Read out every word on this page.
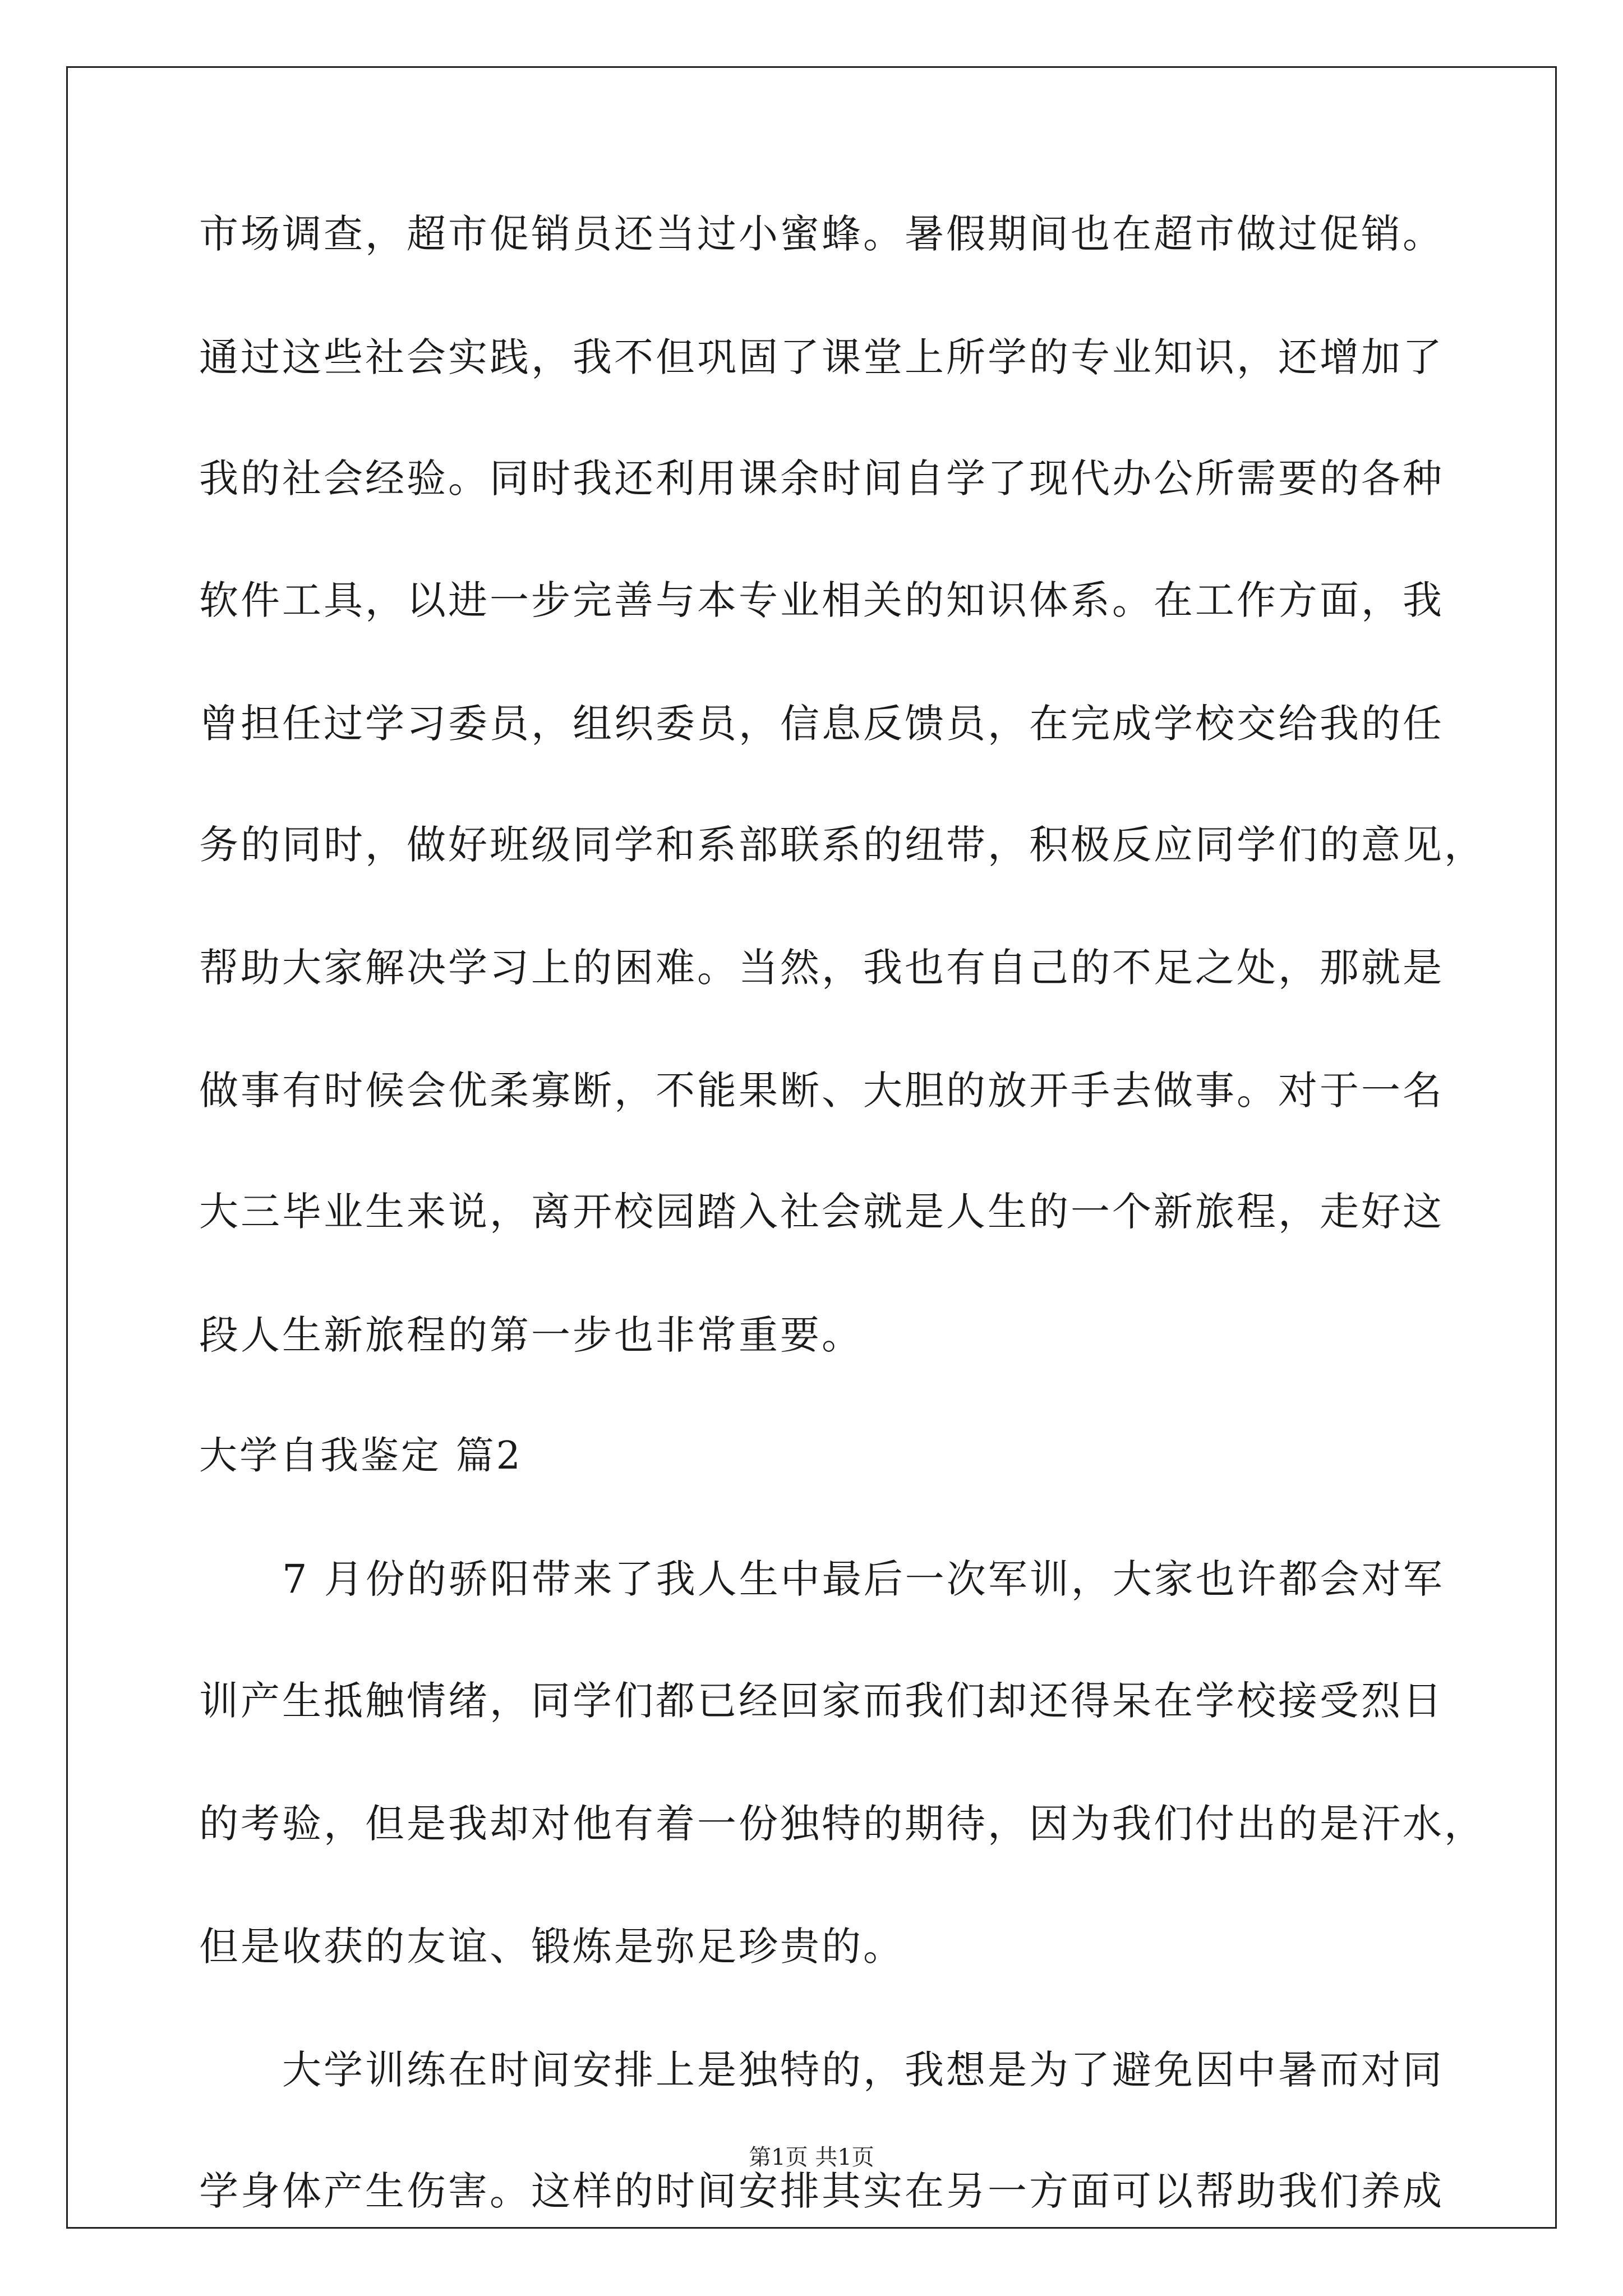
市场调查，超市促销员还当过小蜜蜂。暑假期间也在超市做过促销。
通过这些社会实践，我不但巩固了课堂上所学的专业知识，还增加了
我的社会经验。同时我还利用课余时间自学了现代办公所需要的各种
软件工具，以进一步完善与本专业相关的知识体系。在工作方面，我
曾担任过学习委员，组织委员，信息反馈员，在完成学校交给我的任
务的同时，做好班级同学和系部联系的纽带，积极反应同学们的意见，
帮助大家解决学习上的困难。当然，我也有自己的不足之处，那就是
做事有时候会优柔寡断，不能果断、大胆的放开手去做事。对于一名
大三毕业生来说，离开校园踏入社会就是人生的一个新旅程，走好这
段人生新旅程的第一步也非常重要。
大学自我鉴定 篇2
7 月份的骄阳带来了我人生中最后一次军训，大家也许都会对军
训产生抵触情绪，同学们都已经回家而我们却还得呆在学校接受烈日
的考验，但是我却对他有着一份独特的期待，因为我们付出的是汗水，
但是收获的友谊、锻炼是弥足珍贵的。
大学训练在时间安排上是独特的，我想是为了避免因中暑而对同
学身体产生伤害。这样的时间安排其实在另一方面可以帮助我们养成
第1页 共1页
